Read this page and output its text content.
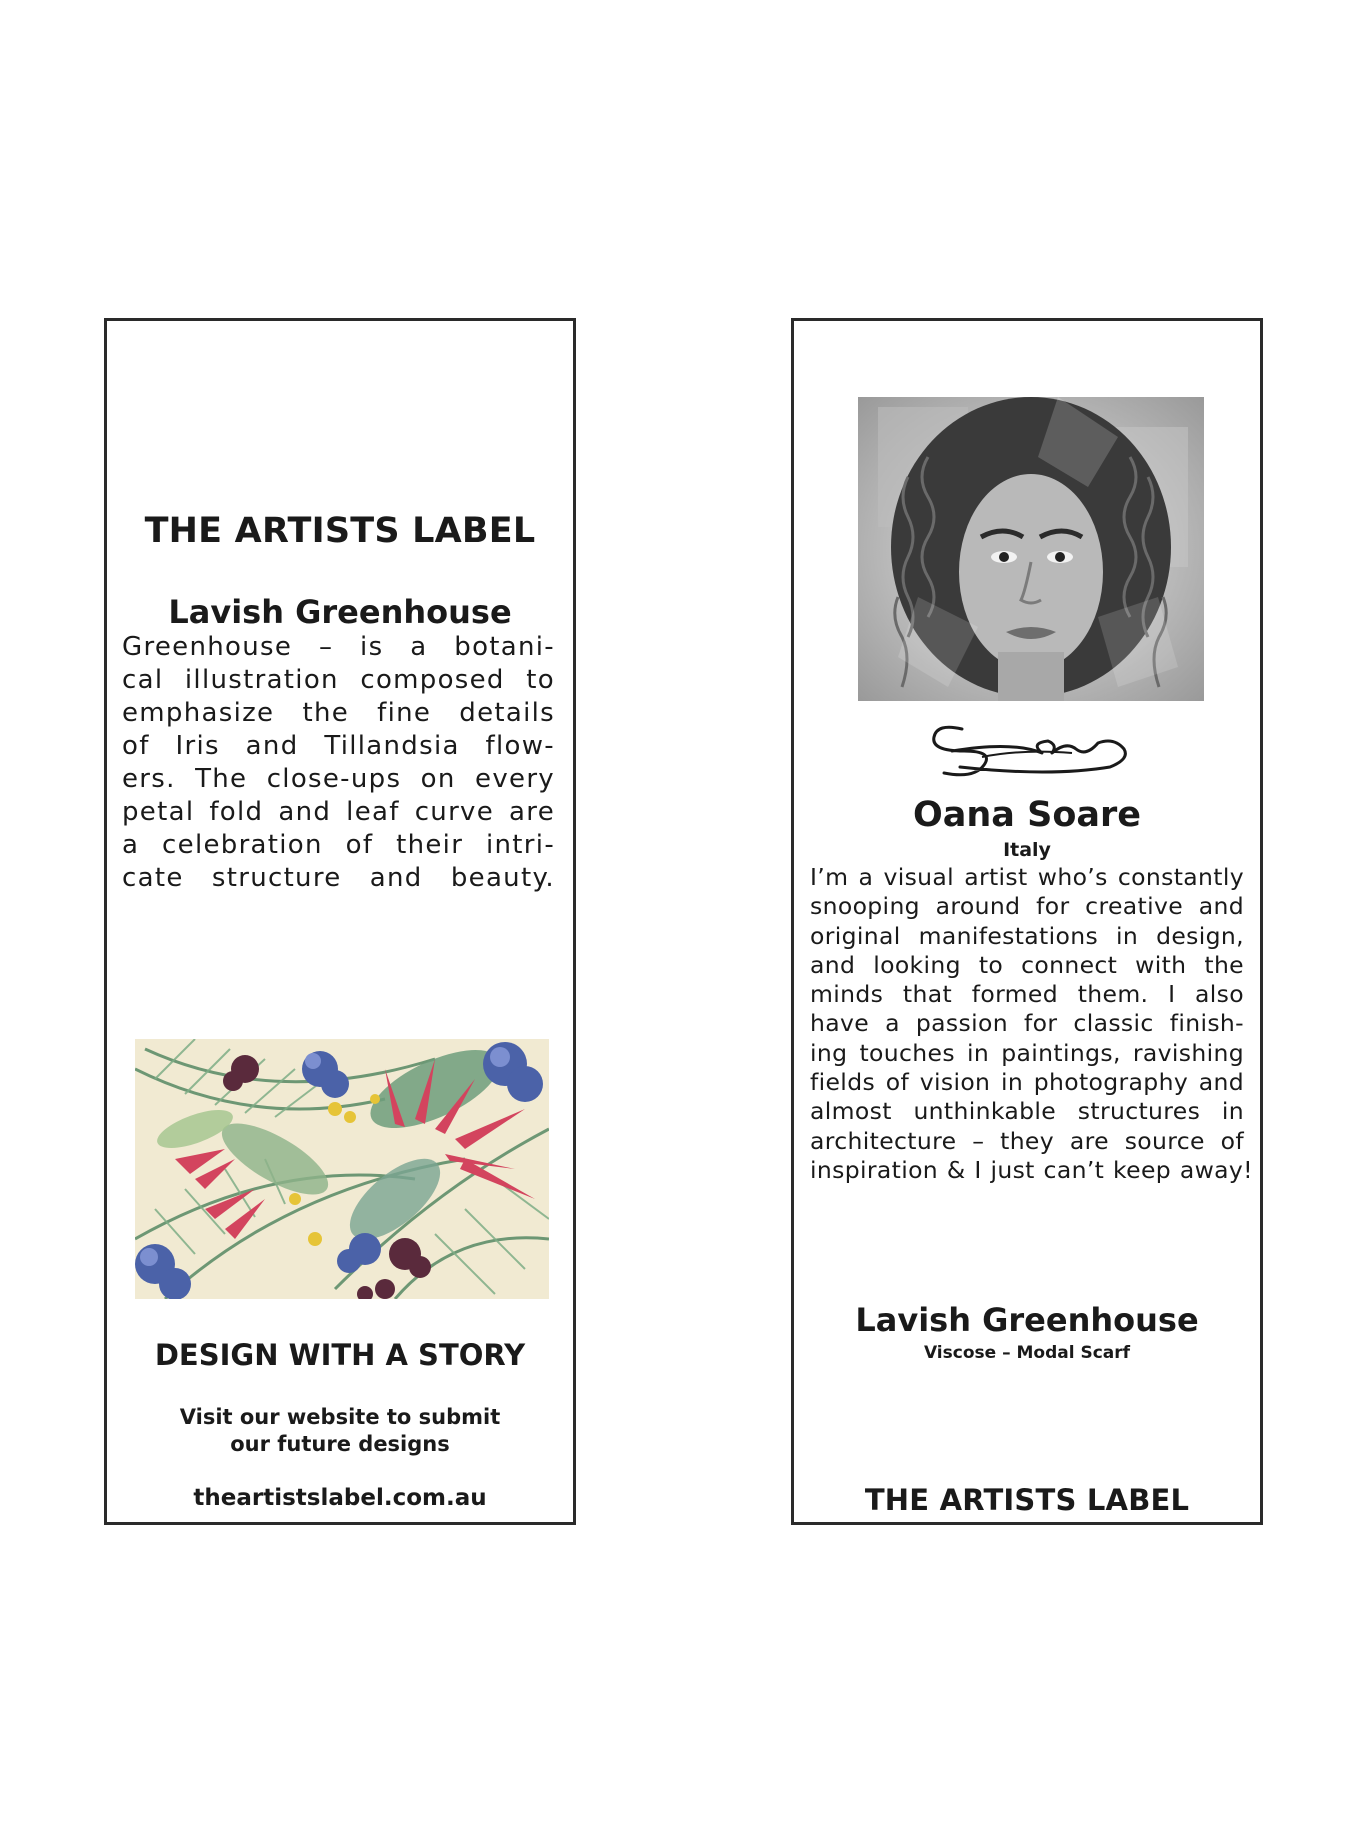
THE ARTISTS LABEL
Lavish Greenhouse
Greenhouse – is a botani-
cal illustration composed to
emphasize the fine details
of Iris and Tillandsia flow-
ers. The close-ups on every
petal fold and leaf curve are
a celebration of their intri-
cate structure and beauty.
DESIGN WITH A STORY
Visit our website to submit
our future designs
theartistslabel.com.au
Oana Soare
Italy
I’m a visual artist who’s constantly
snooping around for creative and
original manifestations in design,
and looking to connect with the
minds that formed them. I also
have a passion for classic finish-
ing touches in paintings, ravishing
fields of vision in photography and
almost unthinkable structures in
architecture – they are source of
inspiration & I just can’t keep away!
Lavish Greenhouse
Viscose – Modal Scarf
THE ARTISTS LABEL
